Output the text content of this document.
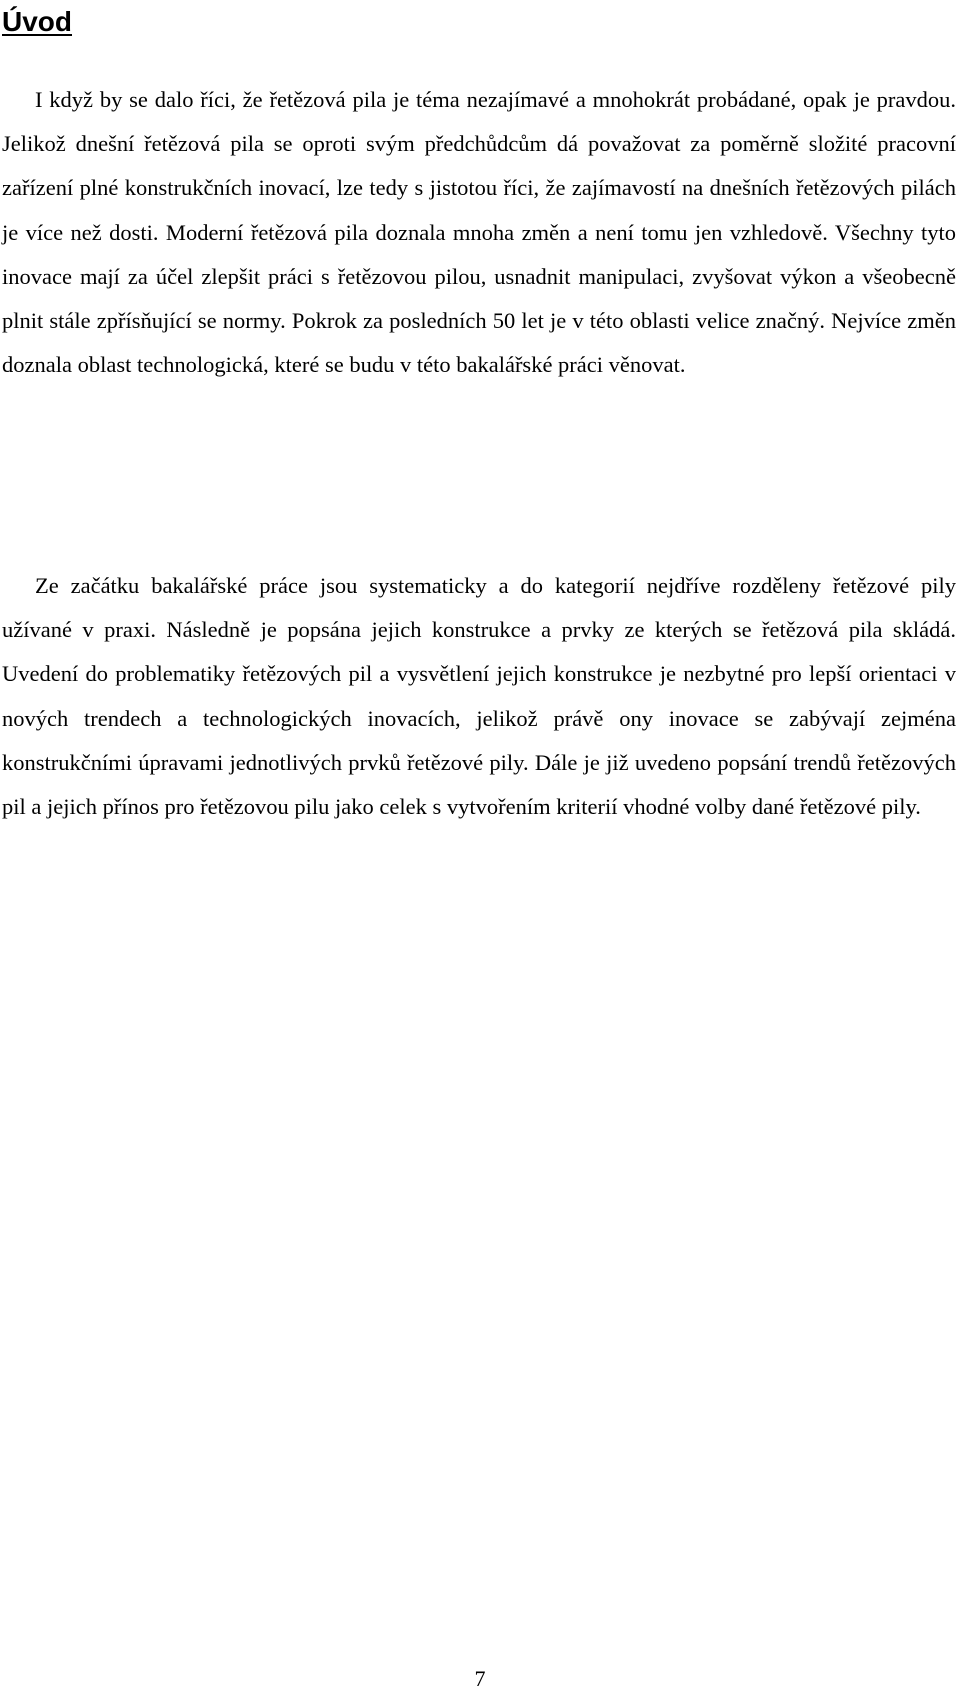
Úvod

I když by se dalo říci, že řetězová pila je téma nezajímavé a mnohokrát probádané, opak je pravdou. Jelikož dnešní řetězová pila se oproti svým předchůdcům dá považovat za poměrně složité pracovní zařízení plné konstrukčních inovací, lze tedy s jistotou říci, že zajímavostí na dnešních řetězových pilách je více než dosti. Moderní řetězová pila doznala mnoha změn a není tomu jen vzhledově. Všechny tyto inovace mají za účel zlepšit práci s řetězovou pilou, usnadnit manipulaci, zvyšovat výkon a všeobecně plnit stále zpřísňující se normy. Pokrok za posledních 50 let je v této oblasti velice značný. Nejvíce změn doznala oblast technologická, které se budu v této bakalářské práci věnovat.

Ze začátku bakalářské práce jsou systematicky a do kategorií nejdříve rozděleny řetězové pily užívané v praxi. Následně je popsána jejich konstrukce a prvky ze kterých se řetězová pila skládá. Uvedení do problematiky řetězových pil a vysvětlení jejich konstrukce je nezbytné pro lepší orientaci v nových trendech a technologických inovacích, jelikož právě ony inovace se zabývají zejména konstrukčními úpravami jednotlivých prvků řetězové pily. Dále je již uvedeno popsání trendů řetězových pil a jejich přínos pro řetězovou pilu jako celek s vytvořením kriterií vhodné volby dané řetězové pily.

7
